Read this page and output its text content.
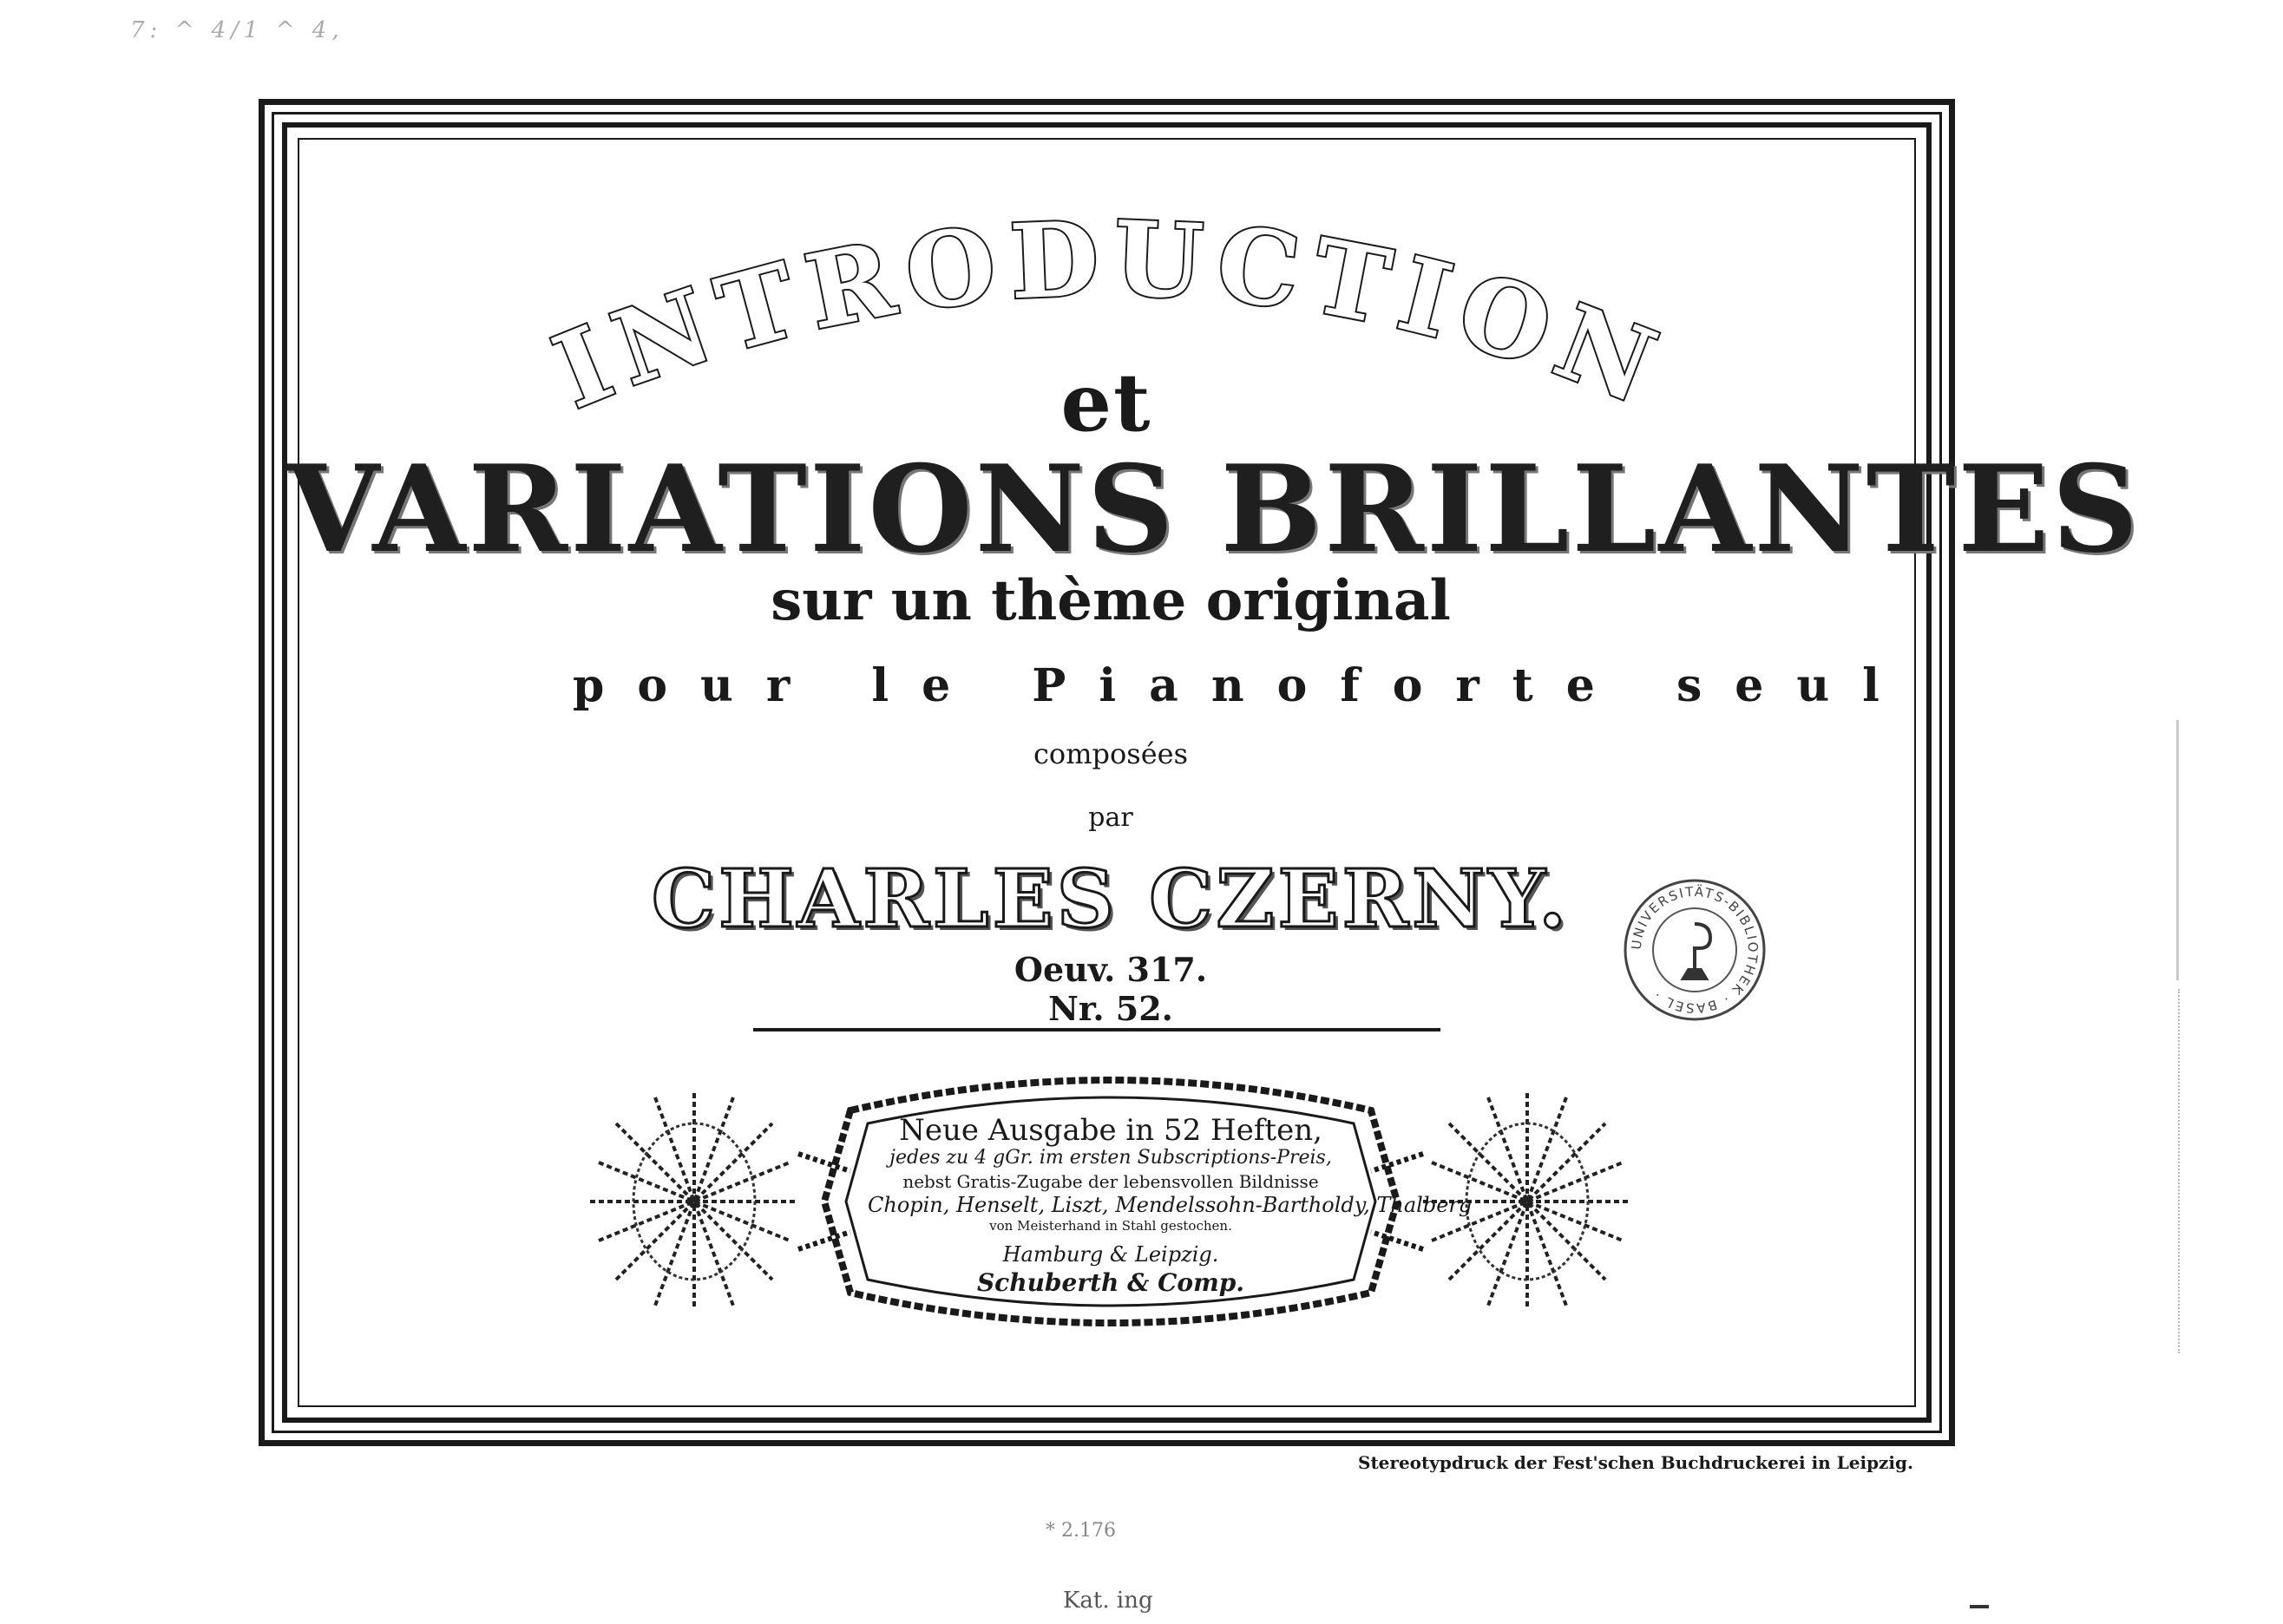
7: ^ 4/1 ^ 4,
INTRODUCTION
et
VARIATIONS BRILLANTES
sur un thème original
pour le Pianoforte seul
composées
par
CHARLES CZERNY.
Oeuv. 317.
Nr. 52.
Neue Ausgabe in 52 Heften,
jedes zu 4 gGr. im ersten Subscriptions-Preis,
nebst Gratis-Zugabe der lebensvollen Bildnisse
Chopin, Henselt, Liszt, Mendelssohn-Bartholdy, Thalberg
von Meisterhand in Stahl gestochen.
Hamburg & Leipzig.
Schuberth & Comp.
UNIVERSITÄTS-BIBLIOTHEK · BASEL ·
Stereotypdruck der Fest'schen Buchdruckerei in Leipzig.
* 2.176
Kat. ing
